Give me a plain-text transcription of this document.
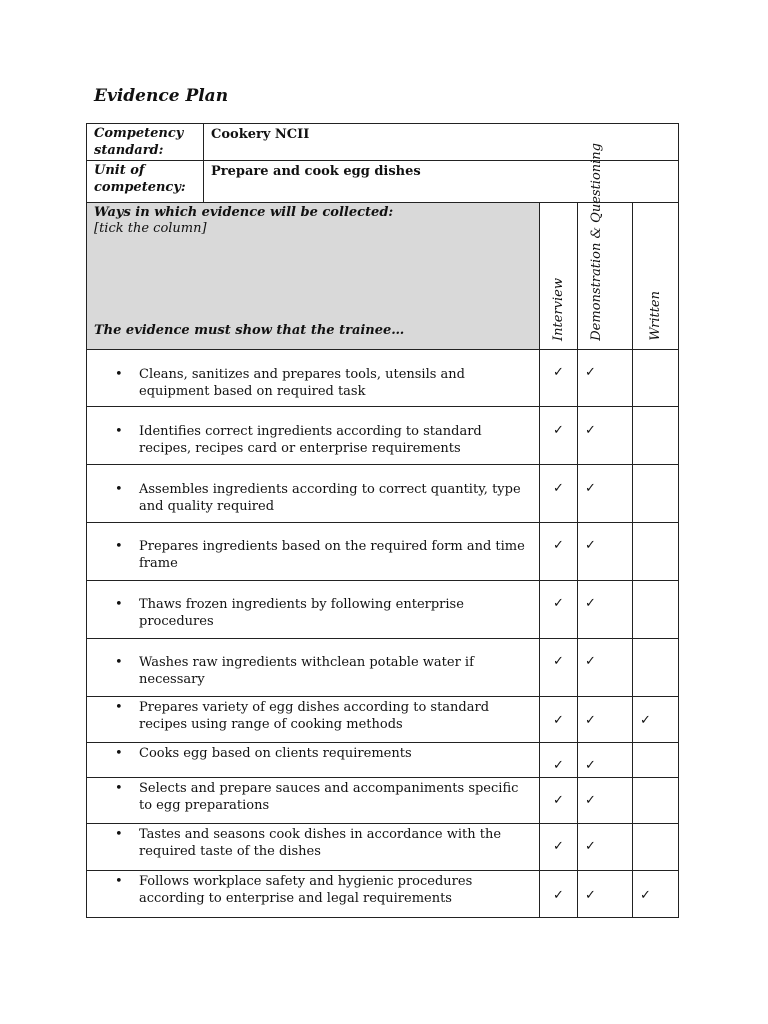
Evidence Plan
Competency standard:	Cookery NCII			
Unit of competency:	Prepare and cook egg dishes			

Ways in which evidence will be collected:
[tick the column]
The evidence must show that the trainee…		Interview	Demonstration & Questioning	Written

• Cleans, sanitizes and prepares tools, utensils and equipment based on required task		✓	✓	

• Identifies correct ingredients according to standard recipes, recipes card or enterprise requirements		✓	✓	

• Assembles ingredients according to correct quantity, type and quality required		✓	✓	

• Prepares ingredients based on the required form and time frame		✓	✓	

• Thaws frozen ingredients by following enterprise procedures		✓	✓	

• Washes raw ingredients withclean potable water if necessary		✓	✓	

• Prepares variety of egg dishes according to standard recipes using range of cooking methods		✓	✓	✓

• Cooks egg based on clients requirements		✓	✓	

• Selects and prepare sauces and accompaniments specific to egg preparations		✓	✓	

• Tastes and seasons cook dishes in accordance with the required taste of the dishes		✓	✓	

• Follows workplace safety and hygienic procedures according to enterprise and legal requirements		✓	✓	✓
